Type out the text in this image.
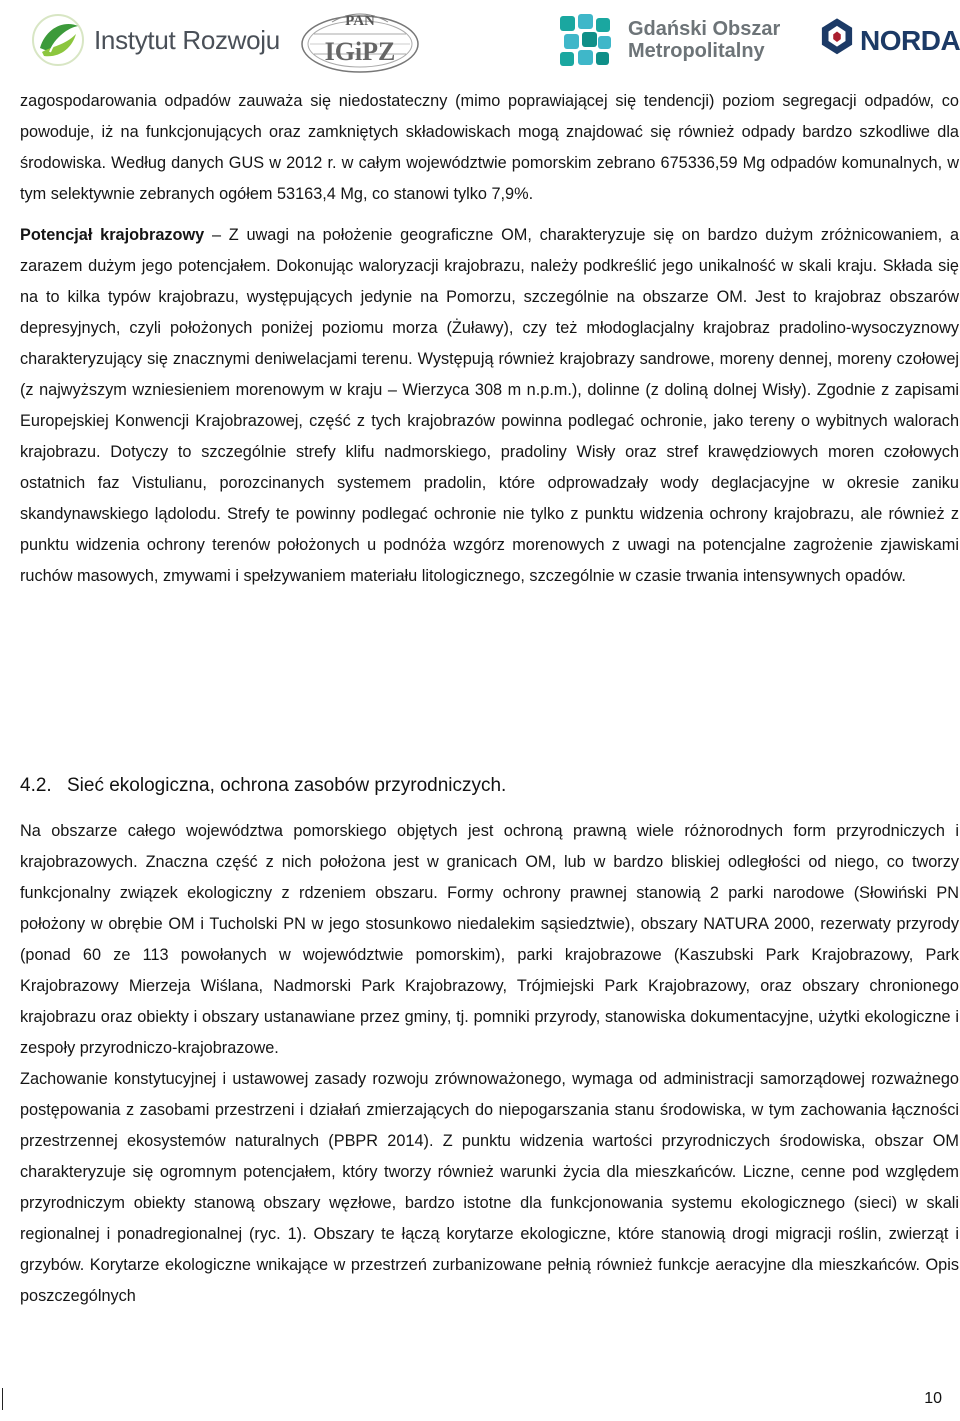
Instytut Rozwoju
PAN
IGiPZ
Gdański Obszar
Metropolitalny	NORDA

zagospodarowania odpadów zauważa się niedostateczny (mimo poprawiającej się tendencji) poziom segregacji odpadów, co powoduje, iż na funkcjonujących oraz zamkniętych składowiskach mogą znajdować się również odpady bardzo szkodliwe dla środowiska. Według danych GUS w 2012 r. w całym województwie pomorskim zebrano 675336,59 Mg odpadów komunalnych, w tym selektywnie zebranych ogółem 53163,4 Mg, co stanowi tylko 7,9%.

Potencjał krajobrazowy – Z uwagi na położenie geograficzne OM, charakteryzuje się on bardzo dużym zróżnicowaniem, a zarazem dużym jego potencjałem. Dokonując waloryzacji krajobrazu, należy podkreślić jego unikalność w skali kraju. Składa się na to kilka typów krajobrazu, występujących jedynie na Pomorzu, szczególnie na obszarze OM. Jest to krajobraz obszarów depresyjnych, czyli położonych poniżej poziomu morza (Żuławy), czy też młodoglacjalny krajobraz pradolino-wysoczyznowy charakteryzujący się znacznymi deniwelacjami terenu. Występują również krajobrazy sandrowe, moreny dennej, moreny czołowej (z najwyższym wzniesieniem morenowym w kraju – Wierzyca 308 m n.p.m.), dolinne (z doliną dolnej Wisły). Zgodnie z zapisami Europejskiej Konwencji Krajobrazowej, część z tych krajobrazów powinna podlegać ochronie, jako tereny o wybitnych walorach krajobrazu. Dotyczy to szczególnie strefy klifu nadmorskiego, pradoliny Wisły oraz stref krawędziowych moren czołowych ostatnich faz Vistulianu, porozcinanych systemem pradolin, które odprowadzały wody deglacjacyjne w okresie zaniku skandynawskiego lądolodu. Strefy te powinny podlegać ochronie nie tylko z punktu widzenia ochrony krajobrazu, ale również z punktu widzenia ochrony terenów położonych u podnóża wzgórz morenowych z uwagi na potencjalne zagrożenie zjawiskami ruchów masowych, zmywami i spełzywaniem materiału litologicznego, szczególnie w czasie trwania intensywnych opadów.

4.2. Sieć ekologiczna, ochrona zasobów przyrodniczych.

Na obszarze całego województwa pomorskiego objętych jest ochroną prawną wiele różnorodnych form przyrodniczych i krajobrazowych. Znaczna część z nich położona jest w granicach OM, lub w bardzo bliskiej odległości od niego, co tworzy funkcjonalny związek ekologiczny z rdzeniem obszaru. Formy ochrony prawnej stanowią 2 parki narodowe (Słowiński PN położony w obrębie OM i Tucholski PN w jego stosunkowo niedalekim sąsiedztwie), obszary NATURA 2000, rezerwaty przyrody (ponad 60 ze 113 powołanych w województwie pomorskim), parki krajobrazowe (Kaszubski Park Krajobrazowy, Park Krajobrazowy Mierzeja Wiślana, Nadmorski Park Krajobrazowy, Trójmiejski Park Krajobrazowy, oraz obszary chronionego krajobrazu oraz obiekty i obszary ustanawiane przez gminy, tj. pomniki przyrody, stanowiska dokumentacyjne, użytki ekologiczne i zespoły przyrodniczo-krajobrazowe.

Zachowanie konstytucyjnej i ustawowej zasady rozwoju zrównoważonego, wymaga od administracji samorządowej rozważnego postępowania z zasobami przestrzeni i działań zmierzających do niepogarszania stanu środowiska, w tym zachowania łączności przestrzennej ekosystemów naturalnych (PBPR 2014). Z punktu widzenia wartości przyrodniczych środowiska, obszar OM charakteryzuje się ogromnym potencjałem, który tworzy również warunki życia dla mieszkańców. Liczne, cenne pod względem przyrodniczym obiekty stanową obszary węzłowe, bardzo istotne dla funkcjonowania systemu ekologicznego (sieci) w skali regionalnej i ponadregionalnej (ryc. 1). Obszary te łączą korytarze ekologiczne, które stanowią drogi migracji roślin, zwierząt i grzybów. Korytarze ekologiczne wnikające w przestrzeń zurbanizowane pełnią również funkcje aeracyjne dla mieszkańców. Opis poszczególnych

10
